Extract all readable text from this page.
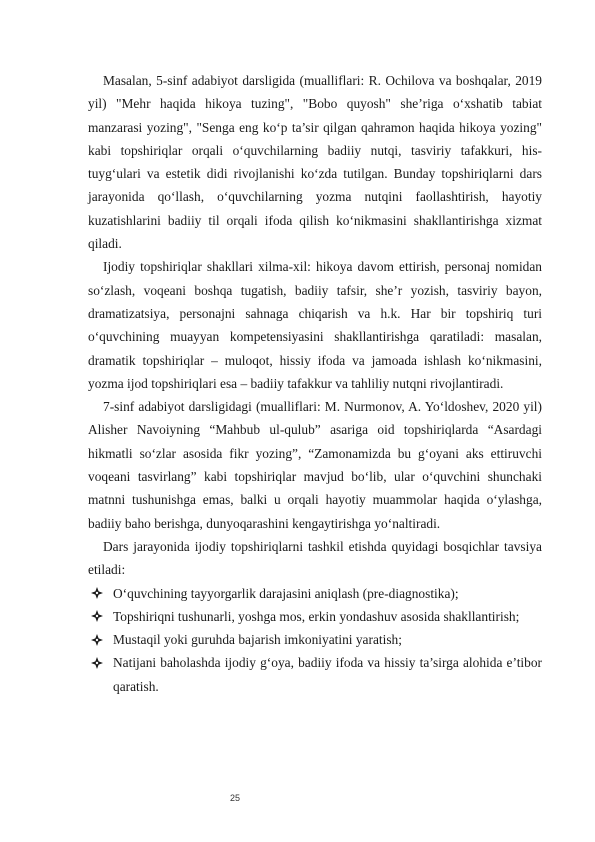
Masalan, 5-sinf adabiyot darsligida (mualliflari: R. Ochilova va boshqalar, 2019 yil) "Mehr haqida hikoya tuzing", "Bobo quyosh" she’riga o‘xshatib tabiat manzarasi yozing", "Senga eng ko‘p ta’sir qilgan qahramon haqida hikoya yozing" kabi topshiriqlar orqali o‘quvchilarning badiiy nutqi, tasviriy tafakkuri, his-tuyg‘ulari va estetik didi rivojlanishi ko‘zda tutilgan. Bunday topshiriqlarni dars jarayonida qo‘llash, o‘quvchilarning yozma nutqini faollashtirish, hayotiy kuzatishlarini badiiy til orqali ifoda qilish ko‘nikmasini shakllantirishga xizmat qiladi.

Ijodiy topshiriqlar shakllari xilma-xil: hikoya davom ettirish, personaj nomidan so‘zlash, voqeani boshqa tugatish, badiiy tafsir, she’r yozish, tasviriy bayon, dramatizatsiya, personajni sahnaga chiqarish va h.k. Har bir topshiriq turi o‘quvchining muayyan kompetensiyasini shakllantirishga qaratiladi: masalan, dramatik topshiriqlar – muloqot, hissiy ifoda va jamoada ishlash ko‘nikmasini, yozma ijod topshiriqlari esa – badiiy tafakkur va tahliliy nutqni rivojlantiradi.

7-sinf adabiyot darsligidagi (mualliflari: M. Nurmonov, A. Yo‘ldoshev, 2020 yil) Alisher Navoiyning “Mahbub ul-qulub” asariga oid topshiriqlarda “Asardagi hikmatli so‘zlar asosida fikr yozing”, “Zamonamizda bu g‘oyani aks ettiruvchi voqeani tasvirlang” kabi topshiriqlar mavjud bo‘lib, ular o‘quvchini shunchaki matnni tushunishga emas, balki u orqali hayotiy muammolar haqida o‘ylashga, badiiy baho berishga, dunyoqarashini kengaytirishga yo‘naltiradi.

Dars jarayonida ijodiy topshiriqlarni tashkil etishda quyidagi bosqichlar tavsiya etiladi:

O‘quvchining tayyorgarlik darajasini aniqlash (pre-diagnostika);
Topshiriqni tushunarli, yoshga mos, erkin yondashuv asosida shakllantirish;
Mustaqil yoki guruhda bajarish imkoniyatini yaratish;
Natijani baholashda ijodiy g‘oya, badiiy ifoda va hissiy ta’sirga alohida e’tibor qaratish.
25
